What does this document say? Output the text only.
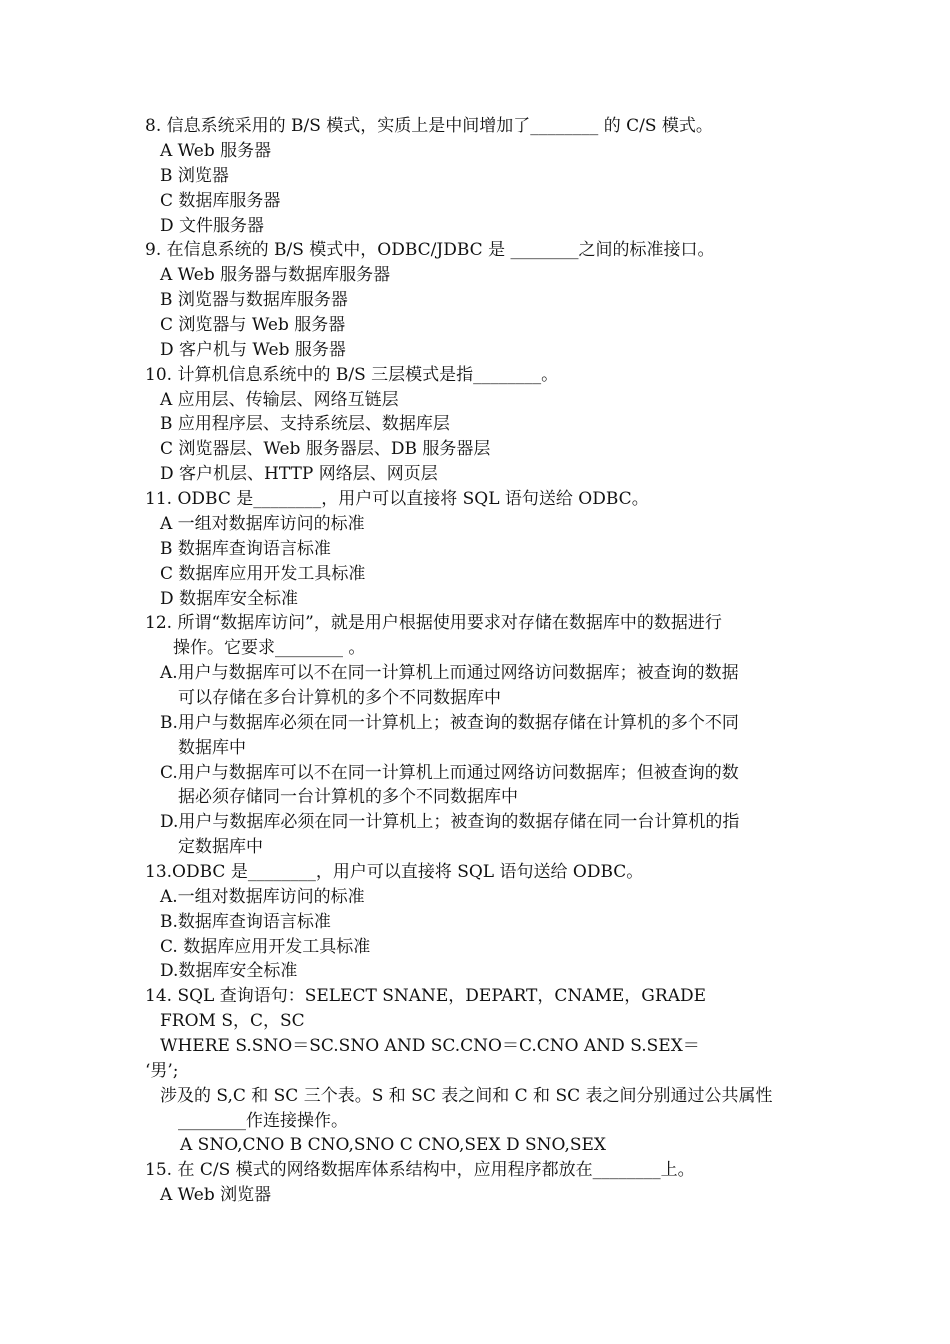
8. 信息系统采用的 B/S 模式，实质上是中间增加了________ 的 C/S 模式。
A Web 服务器
B 浏览器
C 数据库服务器
D 文件服务器
9. 在信息系统的 B/S 模式中，ODBC/JDBC 是 ________之间的标准接口。
A Web 服务器与数据库服务器
B 浏览器与数据库服务器
C 浏览器与 Web 服务器
D 客户机与 Web 服务器
10. 计算机信息系统中的 B/S 三层模式是指________。
A 应用层、传输层、网络互链层
B 应用程序层、支持系统层、数据库层
C 浏览器层、Web 服务器层、DB 服务器层
D 客户机层、HTTP 网络层、网页层
11. ODBC 是________，用户可以直接将 SQL 语句送给 ODBC。
A 一组对数据库访问的标准
B 数据库查询语言标准
C 数据库应用开发工具标准
D 数据库安全标准
12. 所谓“数据库访问”，就是用户根据使用要求对存储在数据库中的数据进行
操作。它要求________ 。
A.用户与数据库可以不在同一计算机上而通过网络访问数据库；被查询的数据
可以存储在多台计算机的多个不同数据库中
B.用户与数据库必须在同一计算机上；被查询的数据存储在计算机的多个不同
数据库中
C.用户与数据库可以不在同一计算机上而通过网络访问数据库；但被查询的数
据必须存储同一台计算机的多个不同数据库中
D.用户与数据库必须在同一计算机上；被查询的数据存储在同一台计算机的指
定数据库中
13.ODBC 是________，用户可以直接将 SQL 语句送给 ODBC。
A.一组对数据库访问的标准
B.数据库查询语言标准
C. 数据库应用开发工具标准
D.数据库安全标准
14. SQL 查询语句：SELECT SNANE，DEPART，CNAME，GRADE
FROM S，C，SC
WHERE S.SNO＝SC.SNO AND SC.CNO＝C.CNO AND S.SEX＝
‘男’;
涉及的 S,C 和 SC 三个表。S 和 SC 表之间和 C 和 SC 表之间分别通过公共属性
________作连接操作。
A SNO,CNO B CNO,SNO C CNO,SEX D SNO,SEX
15. 在 C/S 模式的网络数据库体系结构中，应用程序都放在________上。
A Web 浏览器
